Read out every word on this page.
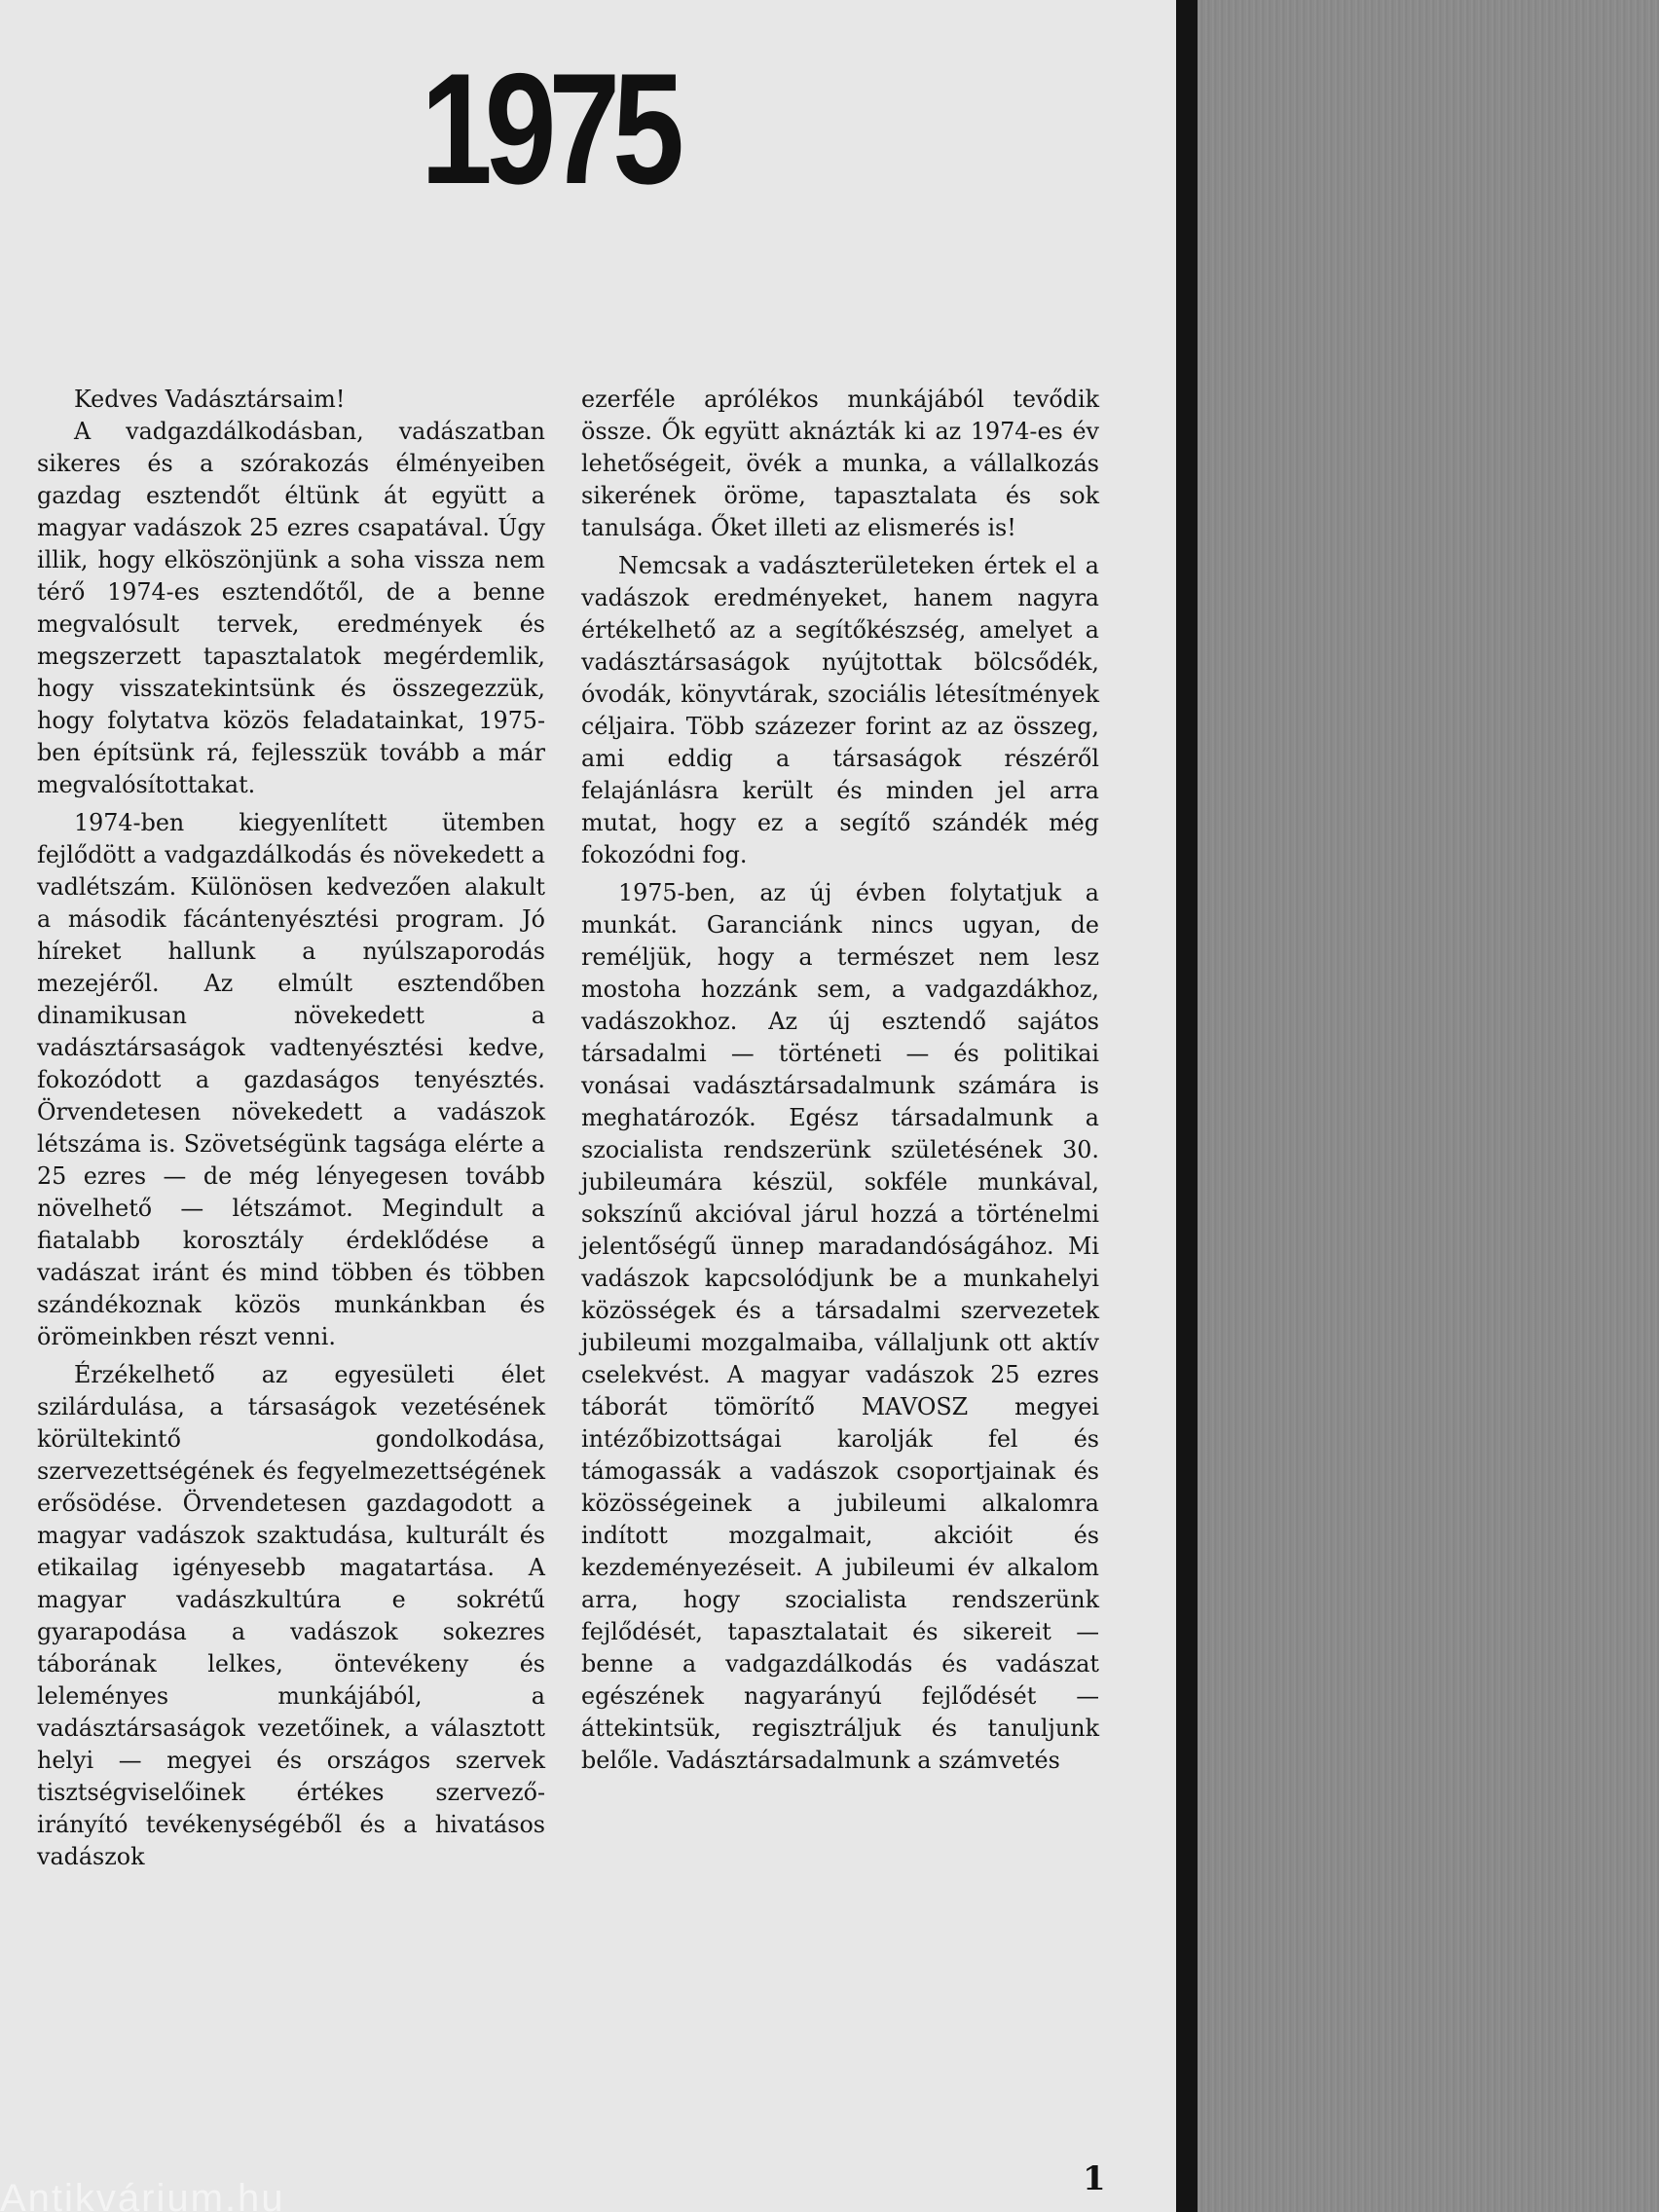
1975

Kedves Vadásztársaim!

A vadgazdálkodásban, vadászatban sikeres és a szórakozás élményeiben gazdag esztendőt éltünk át együtt a magyar vadászok 25 ezres csapatával. Úgy illik, hogy elköszönjünk a soha vissza nem térő 1974-es esztendőtől, de a benne megvalósult tervek, eredmények és megszerzett tapasztalatok megérdemlik, hogy visszatekintsünk és összegezzük, hogy folytatva közös feladatainkat, 1975-ben építsünk rá, fejlesszük tovább a már megvalósítottakat.

1974-ben kiegyenlített ütemben fejlődött a vadgazdálkodás és növekedett a vadlétszám. Különösen kedvezően alakult a második fácántenyésztési program. Jó híreket hallunk a nyúlszaporodás mezejéről. Az elmúlt esztendőben dinamikusan növekedett a vadásztársaságok vadtenyésztési kedve, fokozódott a gazdaságos tenyésztés. Örvendetesen növekedett a vadászok létszáma is. Szövetségünk tagsága elérte a 25 ezres — de még lényegesen tovább növelhető — létszámot. Megindult a fiatalabb korosztály érdeklődése a vadászat iránt és mind többen és többen szándékoznak közös munkánkban és örömeinkben részt venni.

Érzékelhető az egyesületi élet szilárdulása, a társaságok vezetésének körültekintő gondolkodása, szervezettségének és fegyelmezettségének erősödése. Örvendetesen gazdagodott a magyar vadászok szaktudása, kulturált és etikailag igényesebb magatartása. A magyar vadászkultúra e sokrétű gyarapodása a vadászok sokezres táborának lelkes, öntevékeny és leleményes munkájából, a vadásztársaságok vezetőinek, a választott helyi — megyei és országos szervek tisztségviselőinek értékes szervező-irányító tevékenységéből és a hivatásos vadászok

ezerféle aprólékos munkájából tevődik össze. Ők együtt aknázták ki az 1974-es év lehetőségeit, övék a munka, a vállalkozás sikerének öröme, tapasztalata és sok tanulsága. Őket illeti az elismerés is!

Nemcsak a vadászterületeken értek el a vadászok eredményeket, hanem nagyra értékelhető az a segítőkészség, amelyet a vadásztársaságok nyújtottak bölcsődék, óvodák, könyvtárak, szociális létesítmények céljaira. Több százezer forint az az összeg, ami eddig a társaságok részéről felajánlásra került és minden jel arra mutat, hogy ez a segítő szándék még fokozódni fog.

1975-ben, az új évben folytatjuk a munkát. Garanciánk nincs ugyan, de reméljük, hogy a természet nem lesz mostoha hozzánk sem, a vadgazdákhoz, vadászokhoz. Az új esztendő sajátos társadalmi — történeti — és politikai vonásai vadásztársadalmunk számára is meghatározók. Egész társadalmunk a szocialista rendszerünk születésének 30. jubileumára készül, sokféle munkával, sokszínű akcióval járul hozzá a történelmi jelentőségű ünnep maradandóságához. Mi vadászok kapcsolódjunk be a munkahelyi közösségek és a társadalmi szervezetek jubileumi mozgalmaiba, vállaljunk ott aktív cselekvést. A magyar vadászok 25 ezres táborát tömörítő MAVOSZ megyei intézőbizottságai karolják fel és támogassák a vadászok csoportjainak és közösségeinek a jubileumi alkalomra indított mozgalmait, akcióit és kezdeményezéseit. A jubileumi év alkalom arra, hogy szocialista rendszerünk fejlődését, tapasztalatait és sikereit — benne a vadgazdálkodás és vadászat egészének nagyarányú fejlődését — áttekintsük, regisztráljuk és tanuljunk belőle. Vadásztársadalmunk a számvetés

1

Antikvárium.hu
